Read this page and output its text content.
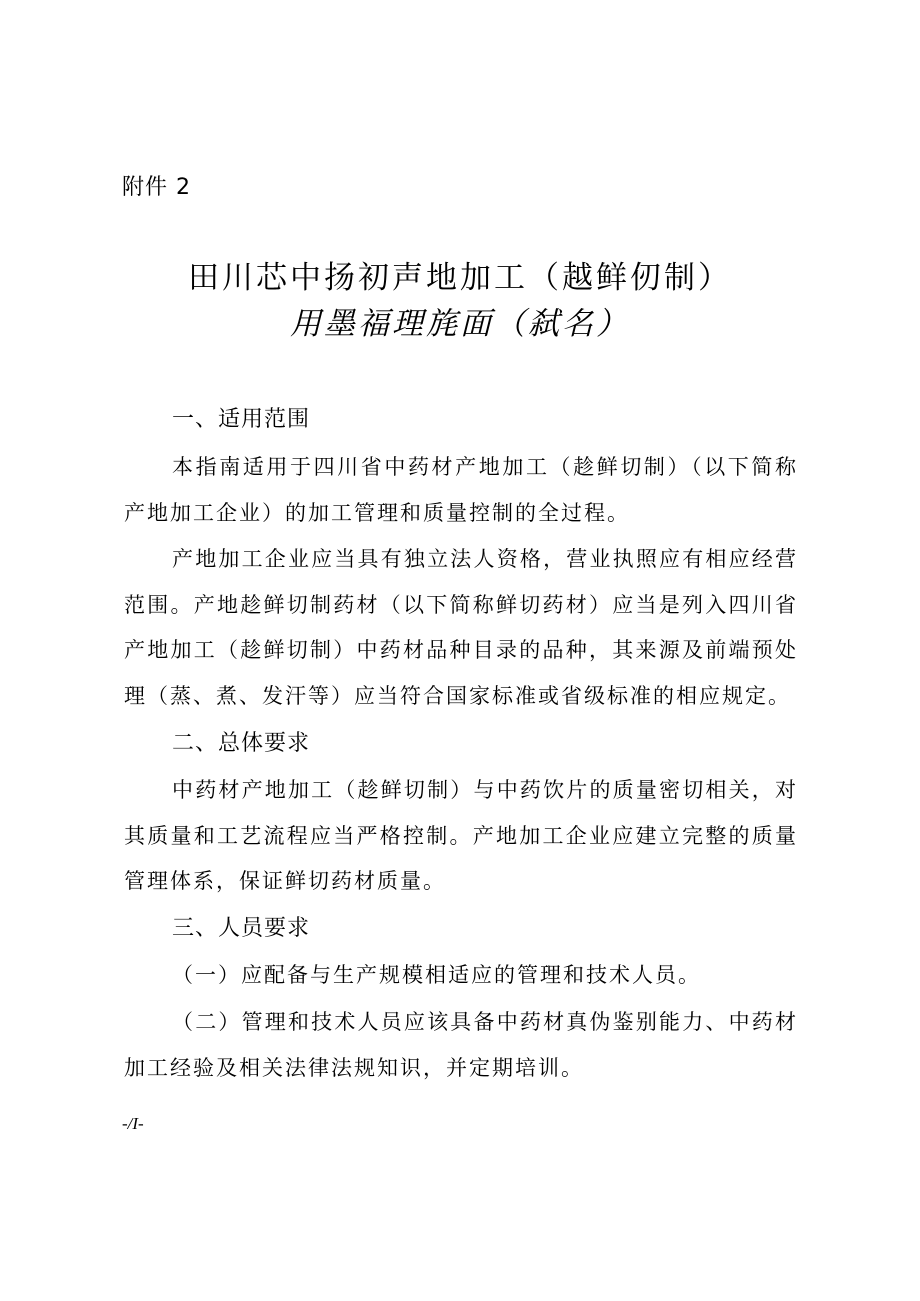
附件 2
田川芯中扬初声地加工（越鲜仞制）
用墨福理旄面（弑名）
一、适用范围
本指南适用于四川省中药材产地加工（趁鲜切制）（以下简称产地加工企业）的加工管理和质量控制的全过程。
产地加工企业应当具有独立法人资格，营业执照应有相应经营范围。产地趁鲜切制药材（以下简称鲜切药材）应当是列入四川省产地加工（趁鲜切制）中药材品种目录的品种，其来源及前端预处理（蒸、煮、发汗等）应当符合国家标准或省级标准的相应规定。
二、总体要求
中药材产地加工（趁鲜切制）与中药饮片的质量密切相关，对其质量和工艺流程应当严格控制。产地加工企业应建立完整的质量管理体系，保证鲜切药材质量。
三、人员要求
（一）应配备与生产规模相适应的管理和技术人员。
（二）管理和技术人员应该具备中药材真伪鉴别能力、中药材加工经验及相关法律法规知识，并定期培训。
-/I-
